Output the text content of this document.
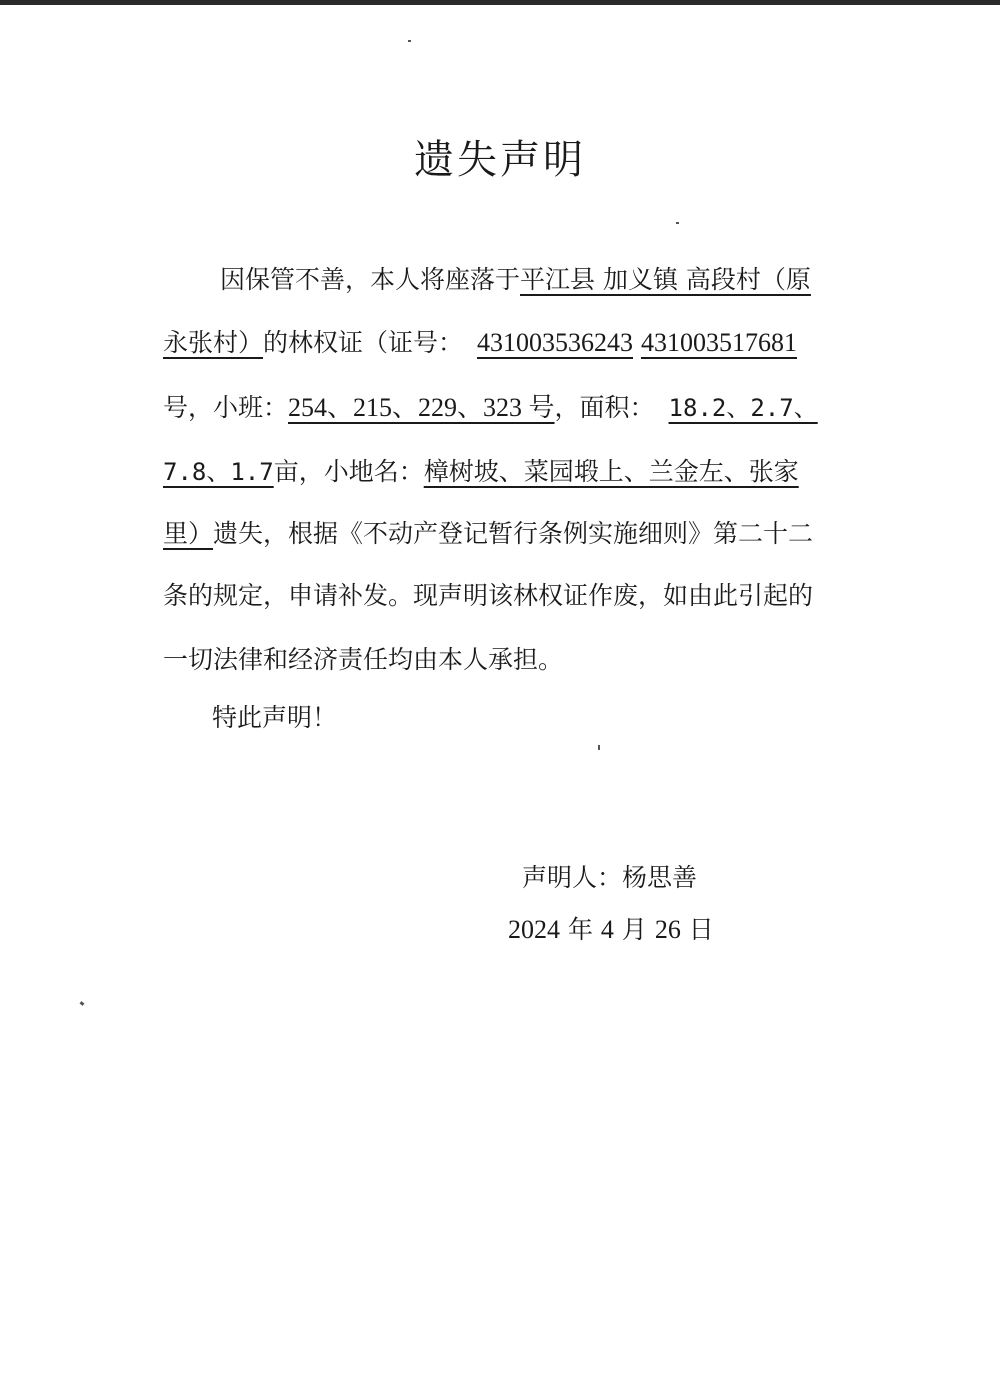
遗失声明
因保管不善，本人将座落于平江县 加义镇 高段村（原
永张村）的林权证（证号： 431003536243 431003517681
号，小班：254、215、229、323 号，面积： 18.2、2.7、
7.8、1.7亩，小地名：樟树坡、菜园塅上、兰金左、张家
里）遗失，根据《不动产登记暂行条例实施细则》第二十二
条的规定，申请补发。现声明该林权证作废，如由此引起的
一切法律和经济责任均由本人承担。
特此声明！
声明人：杨思善
2024 年 4 月 26 日
